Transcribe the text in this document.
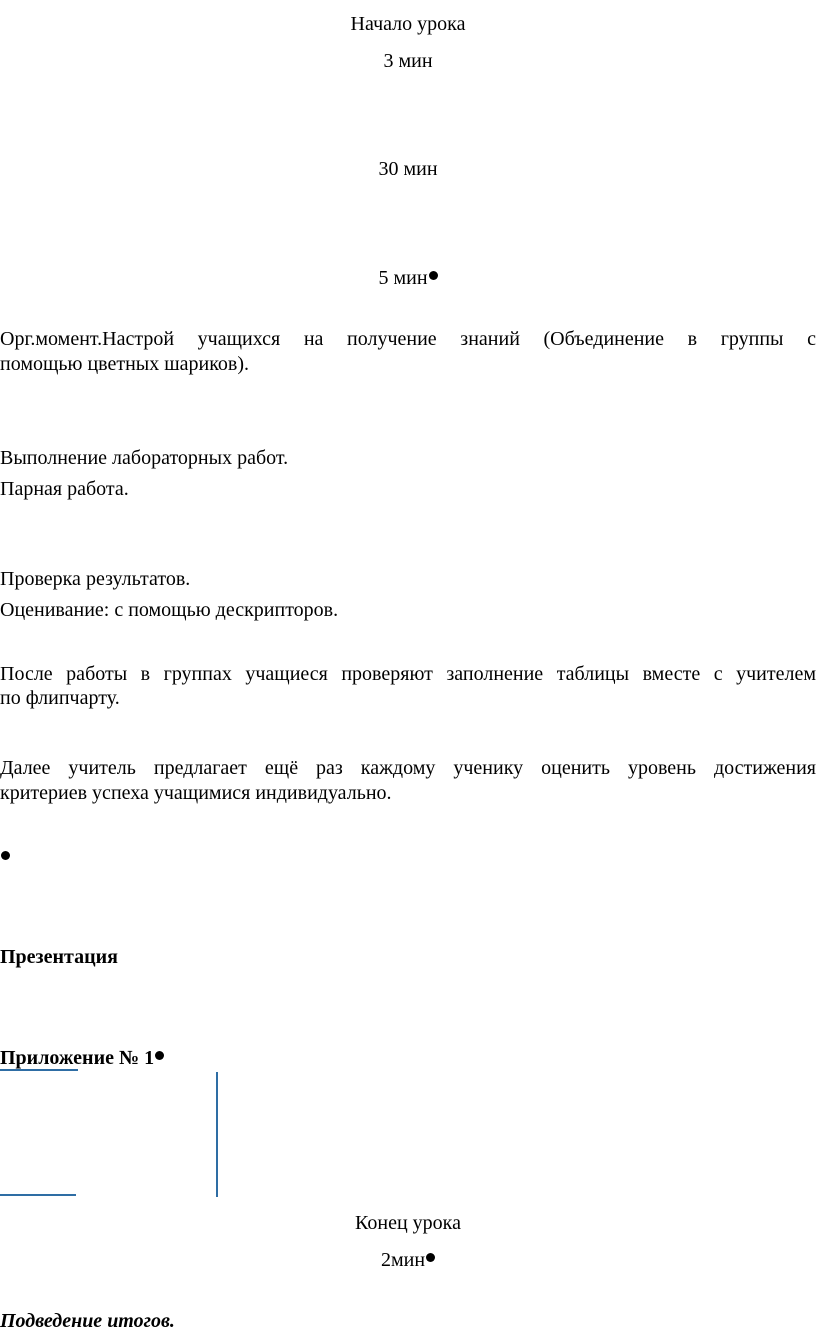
Начало урока
3 мин
30 мин
5 мин
Орг.момент.Настрой учащихся на получение знаний (Объединение в группы с
помощью цветных шариков).
Выполнение лабораторных работ.
Парная работа.
Проверка результатов.
Оценивание: с помощью дескрипторов.
После работы в группах учащиеся проверяют заполнение таблицы вместе с учителем
по флипчарту.
Далее учитель предлагает ещё раз каждому ученику оценить уровень достижения
критериев успеха учащимися индивидуально.
Презентация
Приложение № 1
Конец урока
2мин
Подведение итогов.
